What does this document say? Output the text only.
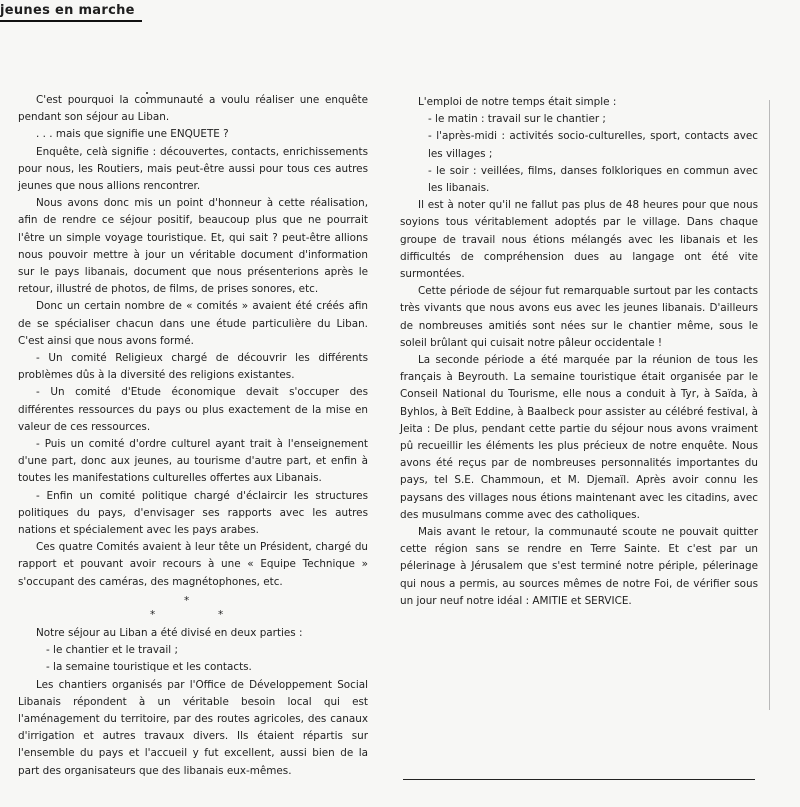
jeunes en marche

C'est pourquoi la communauté a voulu réaliser une enquête pendant son séjour au Liban.

. . . mais que signifie une ENQUETE ?

Enquête, celà signifie : découvertes, contacts, enrichissements pour nous, les Routiers, mais peut-être aussi pour tous ces autres jeunes que nous allions rencontrer.

Nous avons donc mis un point d'honneur à cette réalisation, afin de rendre ce séjour positif, beaucoup plus que ne pourrait l'être un simple voyage touristique. Et, qui sait ? peut-être allions nous pouvoir mettre à jour un véritable document d'information sur le pays libanais, document que nous présenterions après le retour, illustré de photos, de films, de prises sonores, etc.

Donc un certain nombre de « comités » avaient été créés afin de se spécialiser chacun dans une étude particulière du Liban. C'est ainsi que nous avons formé.

- Un comité Religieux chargé de découvrir les différents problèmes dûs à la diversité des religions existantes.

- Un comité d'Etude économique devait s'occuper des différentes ressources du pays ou plus exactement de la mise en valeur de ces ressources.

- Puis un comité d'ordre culturel ayant trait à l'enseignement d'une part, donc aux jeunes, au tourisme d'autre part, et enfin à toutes les manifestations culturelles offertes aux Libanais.

- Enfin un comité politique chargé d'éclaircir les structures politiques du pays, d'envisager ses rapports avec les autres nations et spécialement avec les pays arabes.

Ces quatre Comités avaient à leur tête un Président, chargé du rapport et pouvant avoir recours à une « Equipe Technique » s'occupant des caméras, des magnétophones, etc.

*
*	*

Notre séjour au Liban a été divisé en deux parties :

- le chantier et le travail ;

- la semaine touristique et les contacts.

Les chantiers organisés par l'Office de Développement Social Libanais répondent à un véritable besoin local qui est l'aménagement du territoire, par des routes agricoles, des canaux d'irrigation et autres travaux divers. Ils étaient répartis sur l'ensemble du pays et l'accueil y fut excellent, aussi bien de la part des organisateurs que des libanais eux-mêmes.

L'emploi de notre temps était simple :

- le matin : travail sur le chantier ;

- l'après-midi : activités socio-culturelles, sport, contacts avec les villages ;

- le soir : veillées, films, danses folkloriques en commun avec les libanais.

Il est à noter qu'il ne fallut pas plus de 48 heures pour que nous soyions tous véritablement adoptés par le village. Dans chaque groupe de travail nous étions mélangés avec les libanais et les difficultés de compréhension dues au langage ont été vite surmontées.

Cette période de séjour fut remarquable surtout par les contacts très vivants que nous avons eus avec les jeunes libanais. D'ailleurs de nombreuses amitiés sont nées sur le chantier même, sous le soleil brûlant qui cuisait notre pâleur occidentale !

La seconde période a été marquée par la réunion de tous les français à Beyrouth. La semaine touristique était organisée par le Conseil National du Tourisme, elle nous a conduit à Tyr, à Saïda, à Byhlos, à Beït Eddine, à Baalbeck pour assister au célébré festival, à Jeita : De plus, pendant cette partie du séjour nous avons vraiment pû recueillir les éléments les plus précieux de notre enquête. Nous avons été reçus par de nombreuses personnalités importantes du pays, tel S.E. Chammoun, et M. Djemaïl. Après avoir connu les paysans des villages nous étions maintenant avec les citadins, avec des musulmans comme avec des catholiques.

Mais avant le retour, la communauté scoute ne pouvait quitter cette région sans se rendre en Terre Sainte. Et c'est par un pélerinage à Jérusalem que s'est terminé notre périple, pélerinage qui nous a permis, au sources mêmes de notre Foi, de vérifier sous un jour neuf notre idéal : AMITIE et SERVICE.
